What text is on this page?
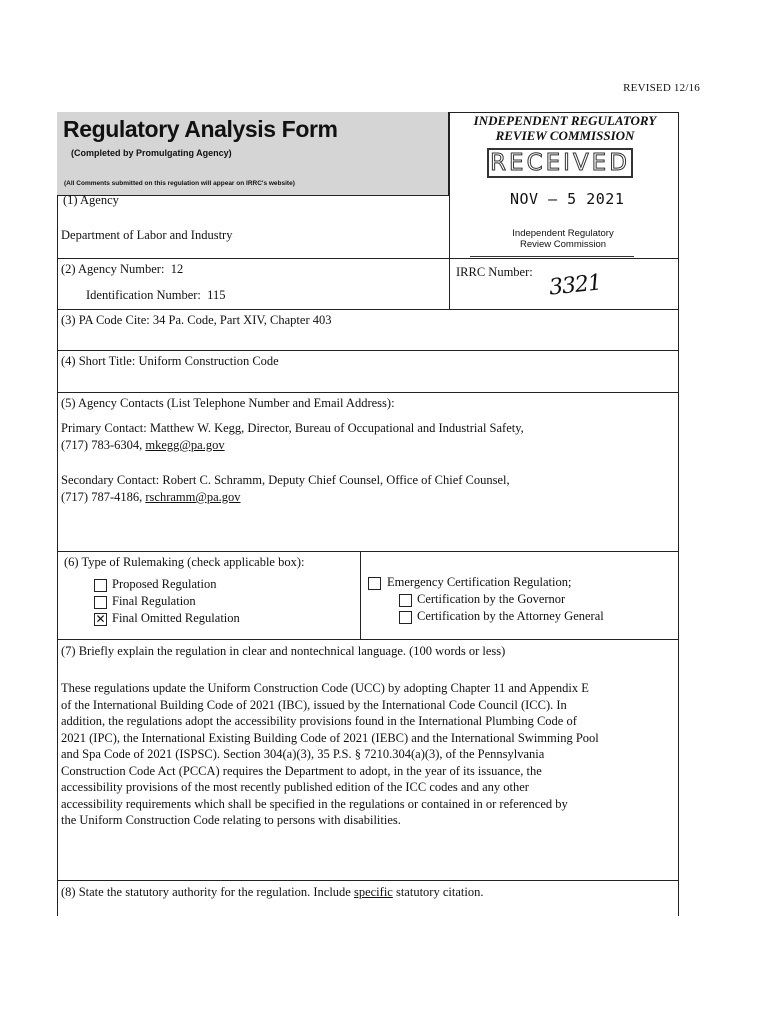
REVISED 12/16
Regulatory Analysis Form
(Completed by Promulgating Agency)
(All Comments submitted on this regulation will appear on IRRC's website)
INDEPENDENT REGULATORY REVIEW COMMISSION
RECEIVED
NOV – 5 2021
Independent Regulatory
Review Commission
(1) Agency
Department of Labor and Industry
(2) Agency Number: 12
Identification Number: 115
IRRC Number: 3321
(3) PA Code Cite: 34 Pa. Code, Part XIV, Chapter 403
(4) Short Title: Uniform Construction Code
(5) Agency Contacts (List Telephone Number and Email Address):
Primary Contact: Matthew W. Kegg, Director, Bureau of Occupational and Industrial Safety,
(717) 783-6304, mkegg@pa.gov
Secondary Contact: Robert C. Schramm, Deputy Chief Counsel, Office of Chief Counsel,
(717) 787-4186, rschramm@pa.gov
(6) Type of Rulemaking (check applicable box):
Proposed Regulation
Final Regulation
✕ Final Omitted Regulation
Emergency Certification Regulation;
Certification by the Governor
Certification by the Attorney General
(7) Briefly explain the regulation in clear and nontechnical language. (100 words or less)
These regulations update the Uniform Construction Code (UCC) by adopting Chapter 11 and Appendix E
of the International Building Code of 2021 (IBC), issued by the International Code Council (ICC). In
addition, the regulations adopt the accessibility provisions found in the International Plumbing Code of
2021 (IPC), the International Existing Building Code of 2021 (IEBC) and the International Swimming Pool
and Spa Code of 2021 (ISPSC). Section 304(a)(3), 35 P.S. § 7210.304(a)(3), of the Pennsylvania
Construction Code Act (PCCA) requires the Department to adopt, in the year of its issuance, the
accessibility provisions of the most recently published edition of the ICC codes and any other
accessibility requirements which shall be specified in the regulations or contained in or referenced by
the Uniform Construction Code relating to persons with disabilities.
(8) State the statutory authority for the regulation. Include specific statutory citation.
